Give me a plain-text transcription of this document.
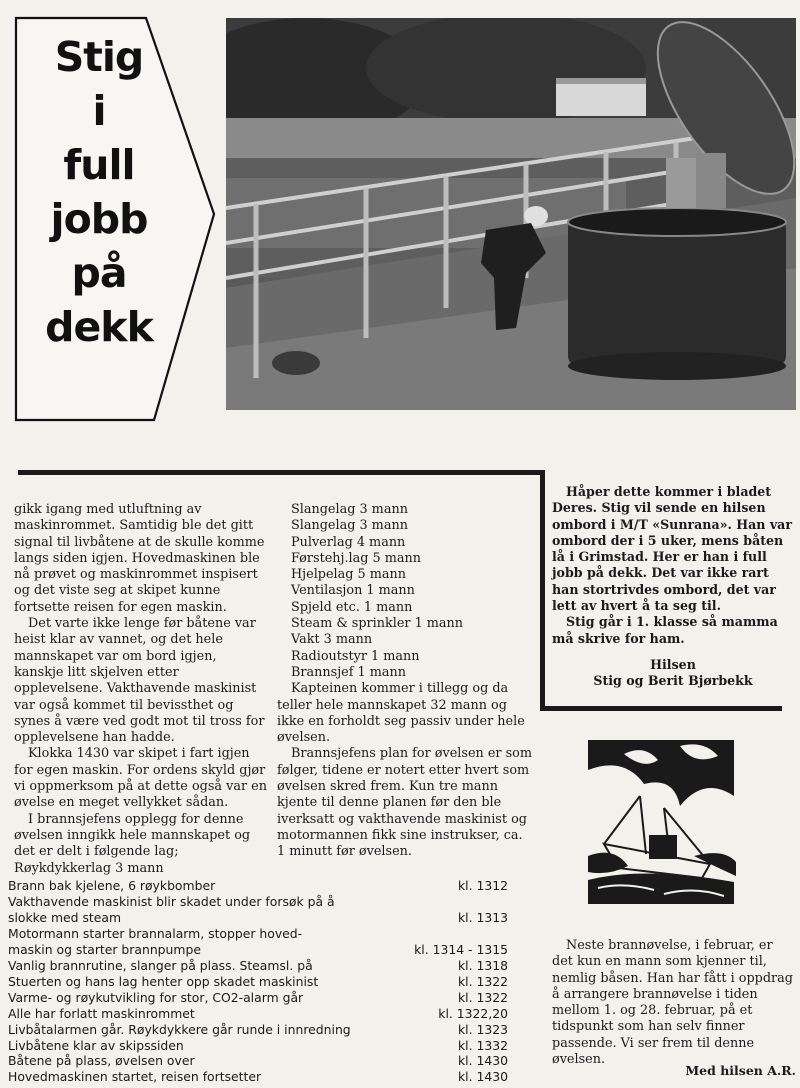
Stig
i
full
jobb
på
dekk

gikk igang med utluftning av maskinrommet. Samtidig ble det gitt signal til livbåtene at de skulle komme langs siden igjen. Hovedmaskinen ble nå prøvet og maskinrommet inspisert og det viste seg at skipet kunne fortsette reisen for egen maskin.

Det varte ikke lenge før båtene var heist klar av vannet, og det hele mannskapet var om bord igjen, kanskje litt skjelven etter opplevelsene. Vakthavende maskinist var også kommet til bevissthet og synes å være ved godt mot til tross for opplevelsene han hadde.

Klokka 1430 var skipet i fart igjen for egen maskin. For ordens skyld gjør vi oppmerksom på at dette også var en øvelse en meget vellykket sådan.

I brannsjefens opplegg for denne øvelsen inngikk hele mannskapet og det er delt i følgende lag;

Røykdykkerlag 3 mann

Slangelag 3 mann
Slangelag 3 mann
Pulverlag 4 mann
Førstehj.lag 5 mann
Hjelpelag 5 mann
Ventilasjon 1 mann
Spjeld etc. 1 mann
Steam & sprinkler 1 mann
Vakt 3 mann
Radioutstyr 1 mann
Brannsjef 1 mann

Kapteinen kommer i tillegg og da teller hele mannskapet 32 mann og ikke en forholdt seg passiv under hele øvelsen.

Brannsjefens plan for øvelsen er som følger, tidene er notert etter hvert som øvelsen skred frem. Kun tre mann kjente til denne planen før den ble iverksatt og vakthavende maskinist og motormannen fikk sine instrukser, ca. 1 minutt før øvelsen.

Håper dette kommer i bladet Deres. Stig vil sende en hilsen ombord i M/T «Sunrana». Han var ombord der i 5 uker, mens båten lå i Grimstad. Her er han i full jobb på dekk. Det var ikke rart han stortrivdes ombord, det var lett av hvert å ta seg til.

Stig går i 1. klasse så mamma må skrive for ham.

Hilsen
Stig og Berit Bjørbekk

Neste brannøvelse, i februar, er det kun en mann som kjenner til, nemlig båsen. Han har fått i oppdrag å arrangere brannøvelse i tiden mellom 1. og 28. februar, på et tidspunkt som han selv finner passende. Vi ser frem til denne øvelsen.

Med hilsen A.R.
Brann bak kjelene, 6 røykbomber	kl. 1312
Vakthavende maskinist blir skadet under forsøk på å
slokke med steam	kl. 1313
Motormann starter brannalarm, stopper hoved-
maskin og starter brannpumpe	kl. 1314 - 1315
Vanlig brannrutine, slanger på plass. Steamsl. på	kl. 1318
Stuerten og hans lag henter opp skadet maskinist	kl. 1322
Varme- og røykutvikling for stor, CO2-alarm går	kl. 1322
Alle har forlatt maskinrommet	kl. 1322,20
Livbåtalarmen går. Røykdykkere går runde i innredning	kl. 1323
Livbåtene klar av skipssiden	kl. 1332
Båtene på plass, øvelsen over	kl. 1430
Hovedmaskinen startet, reisen fortsetter	kl. 1430
